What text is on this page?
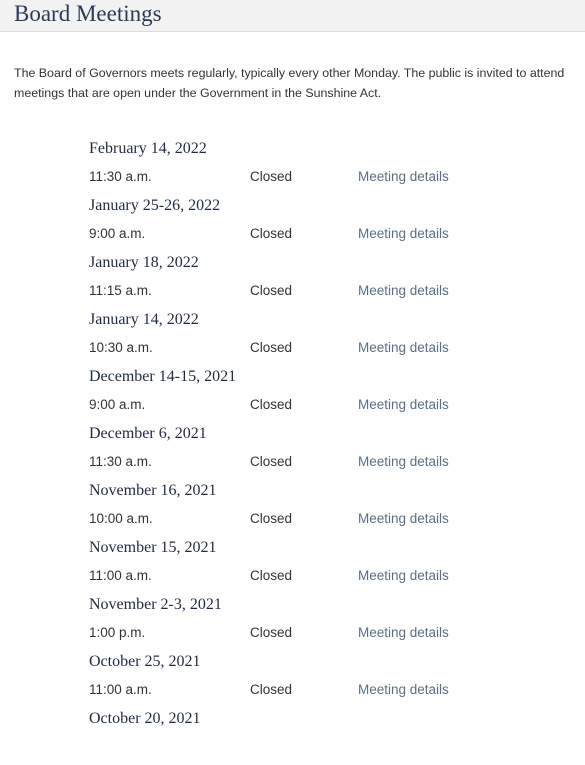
Board Meetings

The Board of Governors meets regularly, typically every other Monday. The public is invited to attend meetings that are open under the Government in the Sunshine Act.

February 14, 2022
11:30 a.m.	Closed	Meeting details
January 25-26, 2022
9:00 a.m.	Closed	Meeting details
January 18, 2022
11:15 a.m.	Closed	Meeting details
January 14, 2022
10:30 a.m.	Closed	Meeting details
December 14-15, 2021
9:00 a.m.	Closed	Meeting details
December 6, 2021
11:30 a.m.	Closed	Meeting details
November 16, 2021
10:00 a.m.	Closed	Meeting details
November 15, 2021
11:00 a.m.	Closed	Meeting details
November 2-3, 2021
1:00 p.m.	Closed	Meeting details
October 25, 2021
11:00 a.m.	Closed	Meeting details
October 20, 2021
